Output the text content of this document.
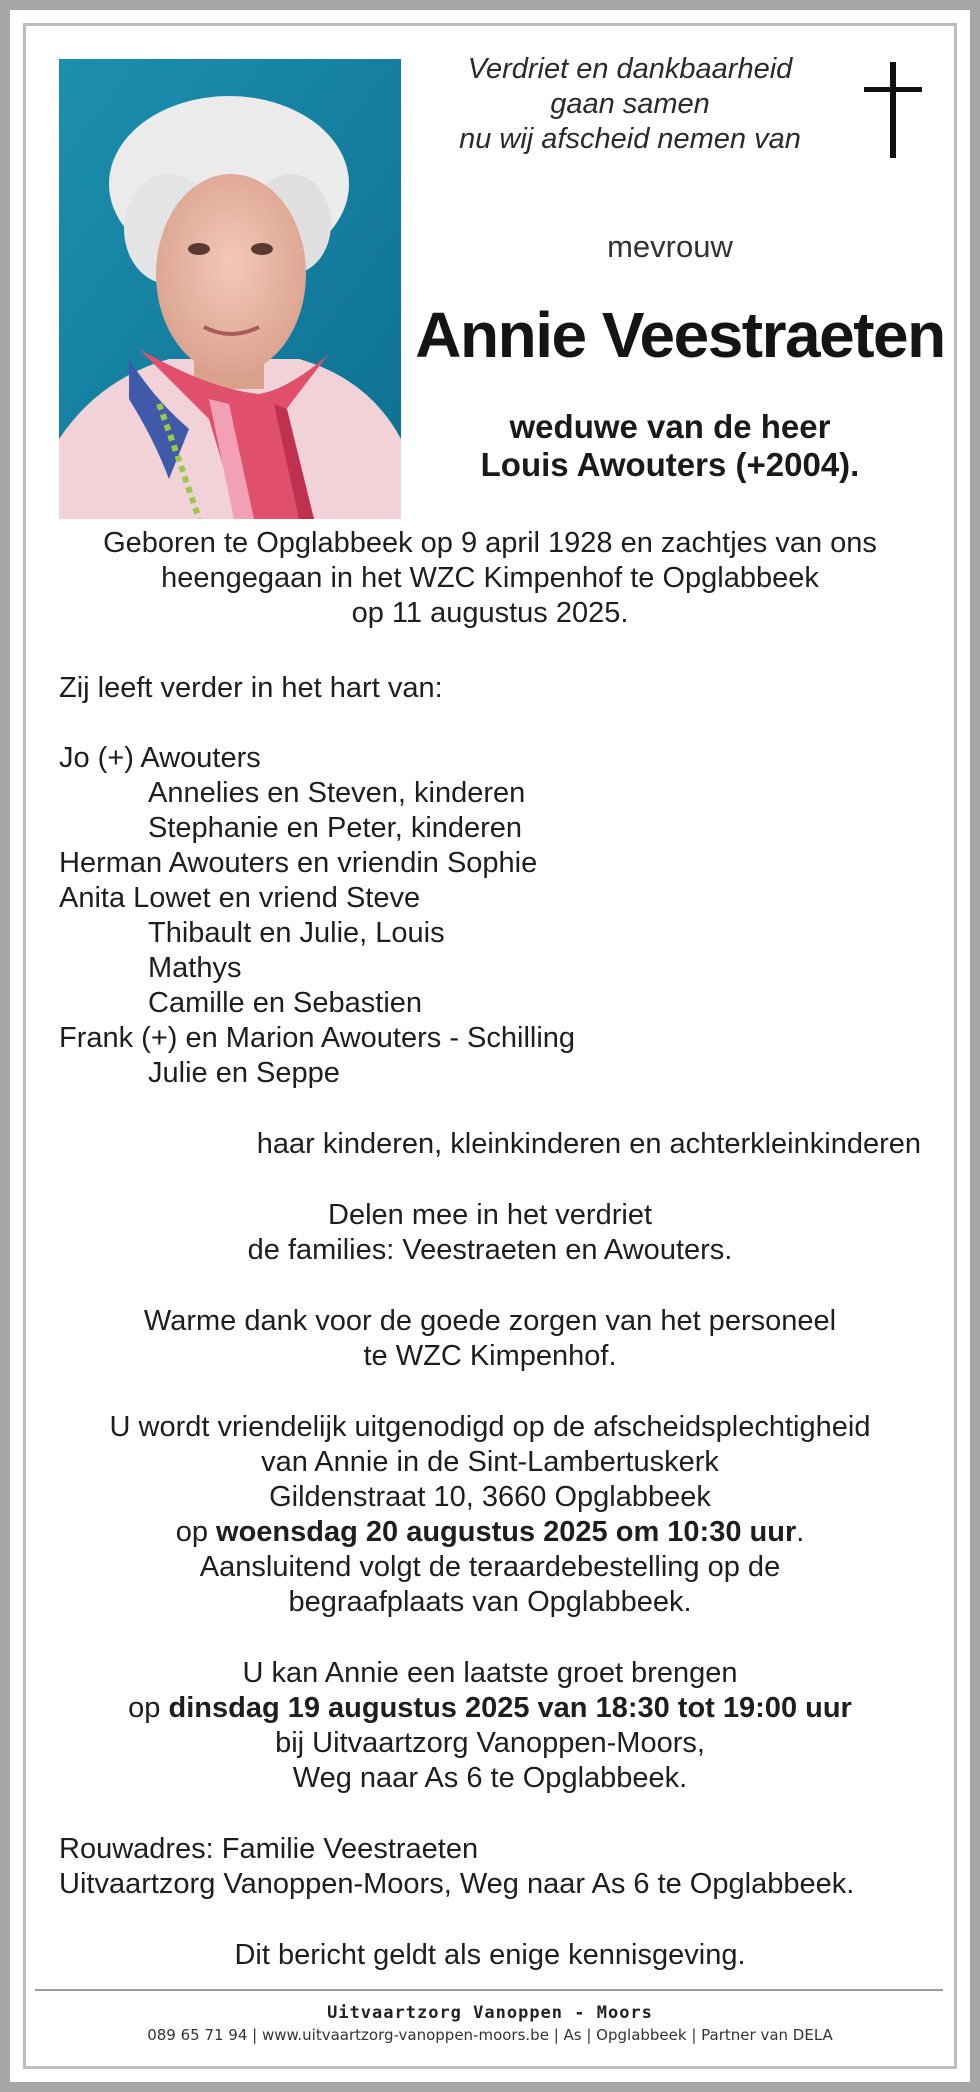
Verdriet en dankbaarheid
gaan samen
nu wij afscheid nemen van
mevrouw
Annie Veestraeten
weduwe van de heer
Louis Awouters (+2004).
Geboren te Opglabbeek op 9 april 1928 en zachtjes van ons
heengegaan in het WZC Kimpenhof te Opglabbeek
op 11 augustus 2025.
Zij leeft verder in het hart van:
Jo (+) Awouters
Annelies en Steven, kinderen
Stephanie en Peter, kinderen
Herman Awouters en vriendin Sophie
Anita Lowet en vriend Steve
Thibault en Julie, Louis
Mathys
Camille en Sebastien
Frank (+) en Marion Awouters - Schilling
Julie en Seppe
haar kinderen, kleinkinderen en achterkleinkinderen
Delen mee in het verdriet
de families: Veestraeten en Awouters.
Warme dank voor de goede zorgen van het personeel
te WZC Kimpenhof.
U wordt vriendelijk uitgenodigd op de afscheidsplechtigheid
van Annie in de Sint-Lambertuskerk
Gildenstraat 10, 3660 Opglabbeek
op woensdag 20 augustus 2025 om 10:30 uur.
Aansluitend volgt de teraardebestelling op de
begraafplaats van Opglabbeek.
U kan Annie een laatste groet brengen
op dinsdag 19 augustus 2025 van 18:30 tot 19:00 uur
bij Uitvaartzorg Vanoppen-Moors,
Weg naar As 6 te Opglabbeek.
Rouwadres: Familie Veestraeten
Uitvaartzorg Vanoppen-Moors, Weg naar As 6 te Opglabbeek.
Dit bericht geldt als enige kennisgeving.
Uitvaartzorg Vanoppen - Moors
089 65 71 94 | www.uitvaartzorg-vanoppen-moors.be | As | Opglabbeek | Partner van DELA
